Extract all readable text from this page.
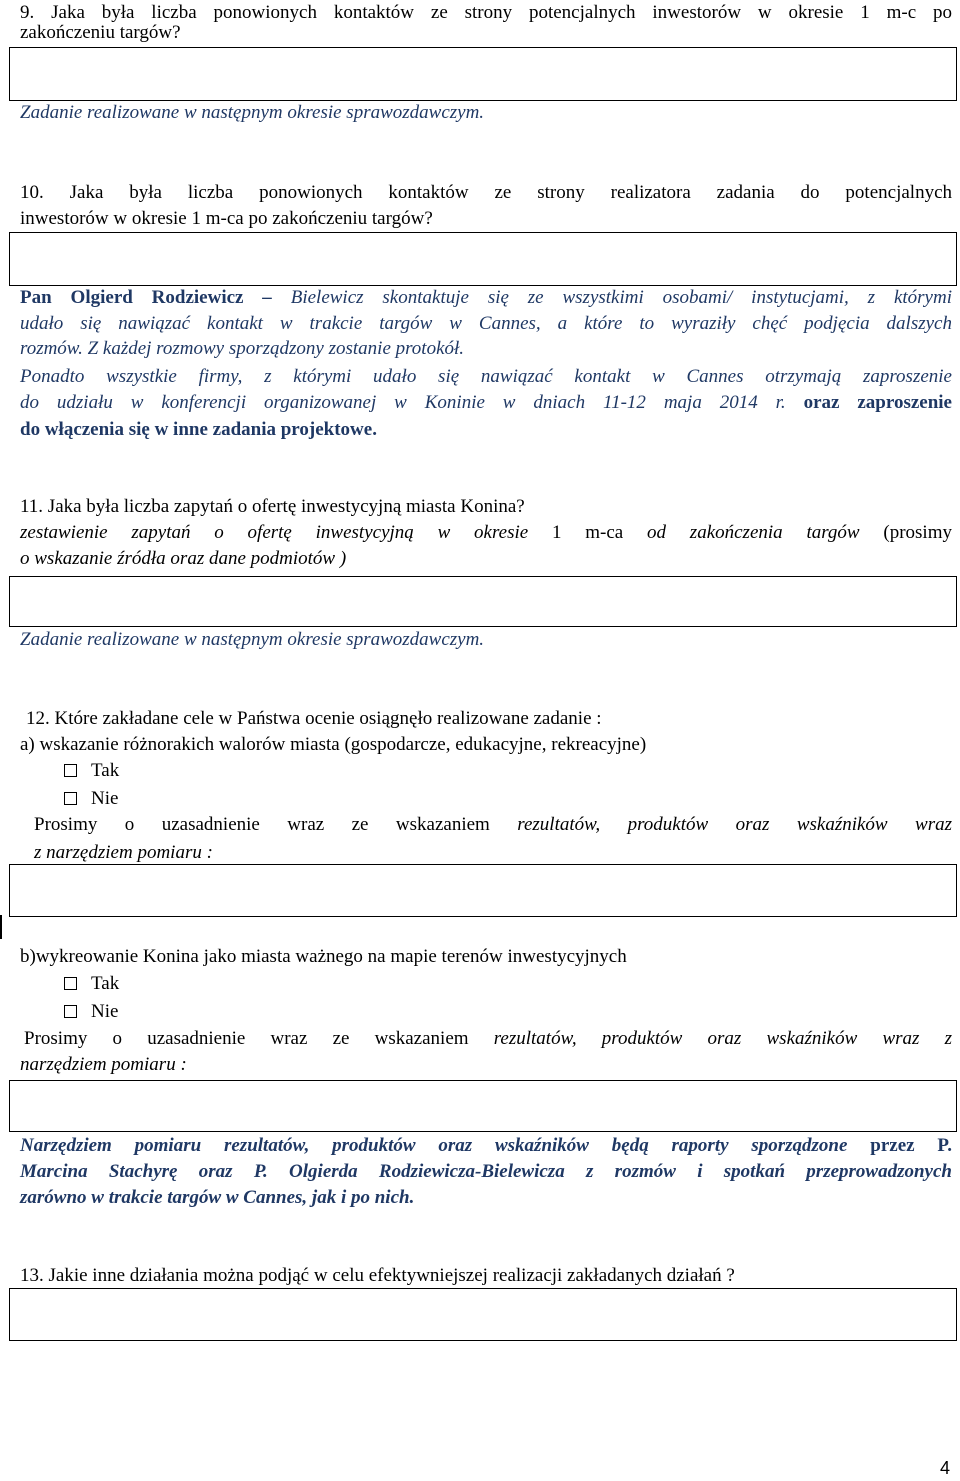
9. Jaka była liczba ponowionych kontaktów ze strony potencjalnych inwestorów w okresie 1 m-c po
zakończeniu targów?
Zadanie realizowane w następnym okresie sprawozdawczym.
10. Jaka była liczba ponowionych kontaktów ze strony realizatora zadania do potencjalnych
inwestorów w okresie 1 m-ca po zakończeniu targów?
Pan Olgierd Rodziewicz – Bielewicz skontaktuje się ze wszystkimi osobami/ instytucjami, z którymi
udało się nawiązać kontakt w trakcie targów w Cannes, a które to wyraziły chęć podjęcia dalszych
rozmów. Z każdej rozmowy sporządzony zostanie protokół.
Ponadto wszystkie firmy, z którymi udało się nawiązać kontakt w Cannes otrzymają zaproszenie
do udziału w konferencji organizowanej w Koninie w dniach 11-12 maja 2014 r. oraz zaproszenie
do włączenia się w inne zadania projektowe.
11. Jaka była liczba zapytań o ofertę inwestycyjną miasta Konina?
zestawienie zapytań o ofertę inwestycyjną w okresie 1 m-ca od zakończenia targów (prosimy
o wskazanie źródła oraz dane podmiotów )
Zadanie realizowane w następnym okresie sprawozdawczym.
12. Które zakładane cele w Państwa ocenie osiągnęło realizowane zadanie :
a) wskazanie różnorakich walorów miasta (gospodarcze, edukacyjne, rekreacyjne)
Tak
Nie
Prosimy o uzasadnienie wraz ze wskazaniem rezultatów, produktów oraz wskaźników wraz
z narzędziem pomiaru :
b)wykreowanie Konina jako miasta ważnego na mapie terenów inwestycyjnych
Tak
Nie
Prosimy o uzasadnienie wraz ze wskazaniem rezultatów, produktów oraz wskaźników wraz z
narzędziem pomiaru :
Narzędziem pomiaru rezultatów, produktów oraz wskaźników będą raporty sporządzone przez P.
Marcina Stachyrę oraz P. Olgierda Rodziewicza-Bielewicza z rozmów i spotkań przeprowadzonych
zarówno w trakcie targów w Cannes, jak i po nich.
13. Jakie inne działania można podjąć w celu efektywniejszej realizacji zakładanych działań ?
4
